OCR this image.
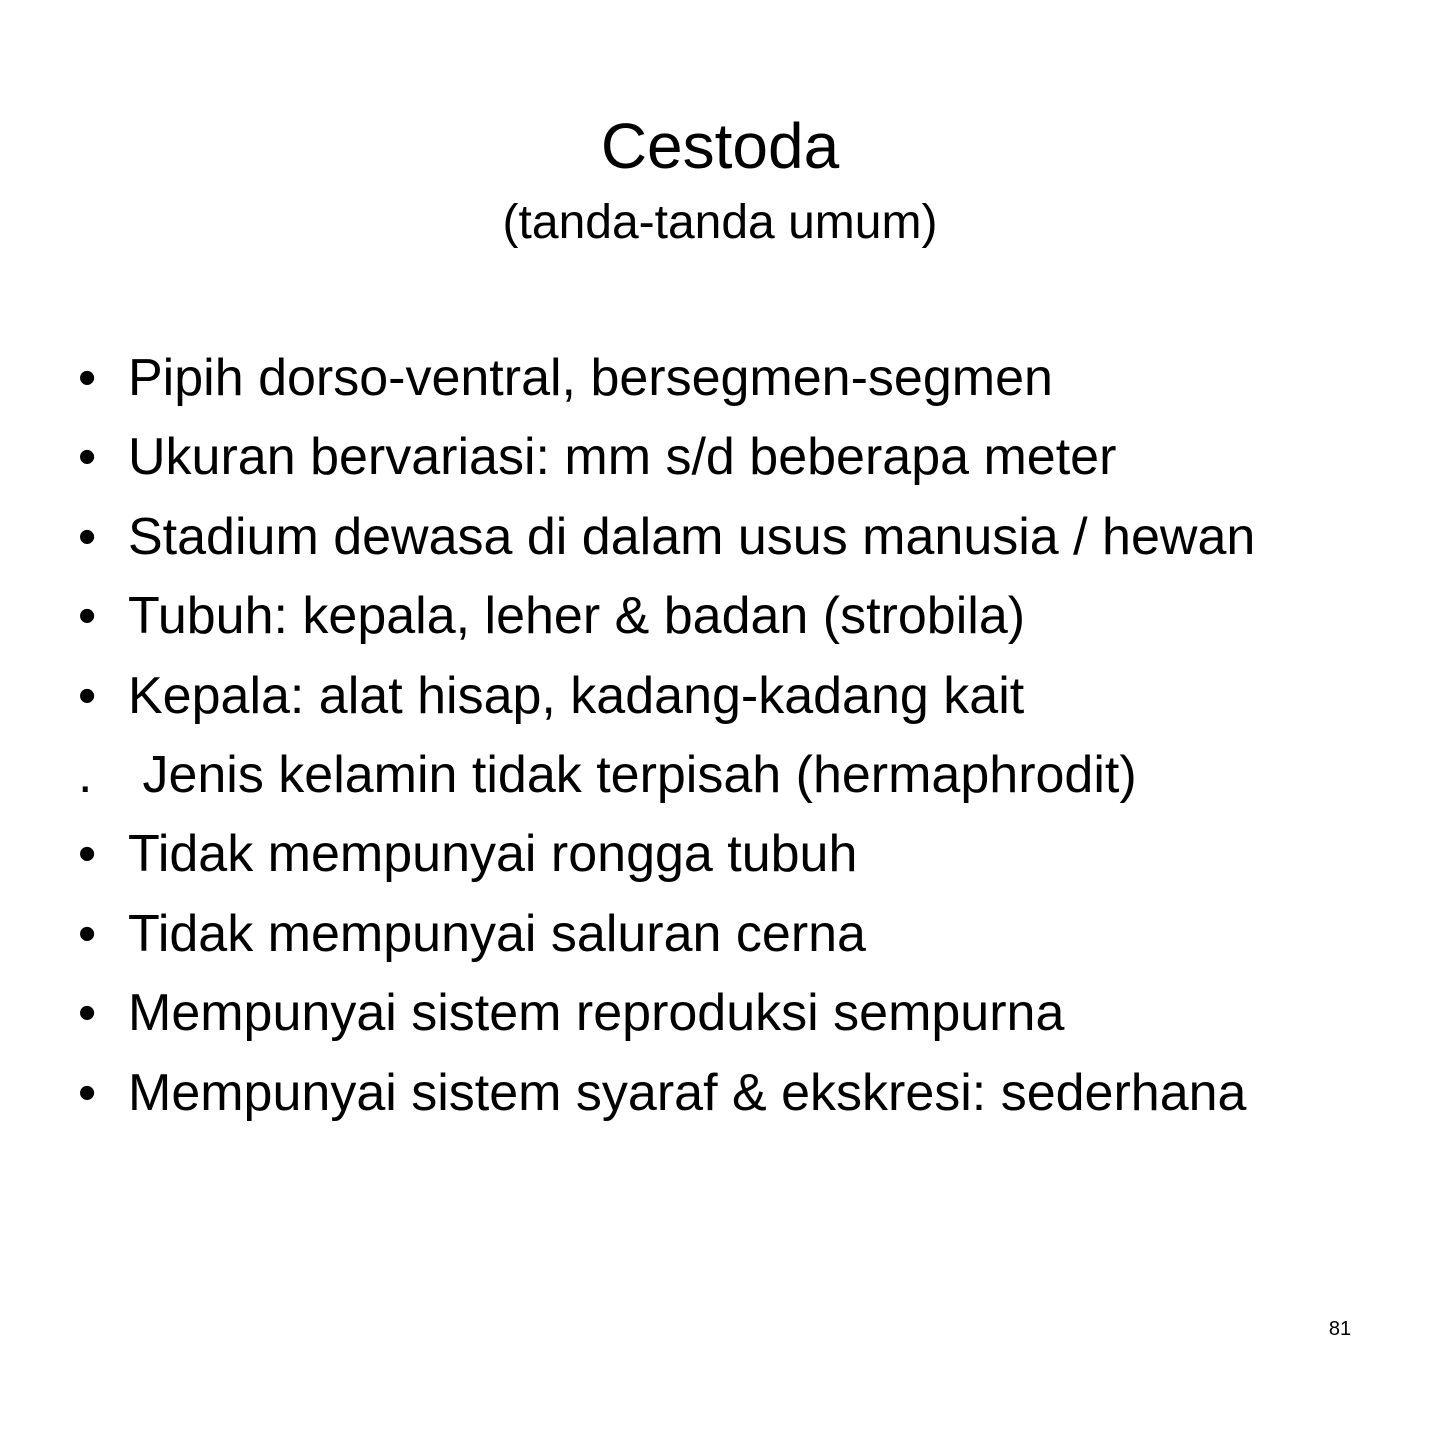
Cestoda
(tanda-tanda umum)
• Pipih dorso-ventral, bersegmen-segmen
• Ukuran bervariasi: mm s/d beberapa meter
• Stadium dewasa di dalam usus manusia / hewan
• Tubuh: kepala, leher & badan (strobila)
• Kepala: alat hisap, kadang-kadang kait
. Jenis kelamin tidak terpisah (hermaphrodit)
• Tidak mempunyai rongga tubuh
• Tidak mempunyai saluran cerna
• Mempunyai sistem reproduksi sempurna
• Mempunyai sistem syaraf & ekskresi: sederhana
81
